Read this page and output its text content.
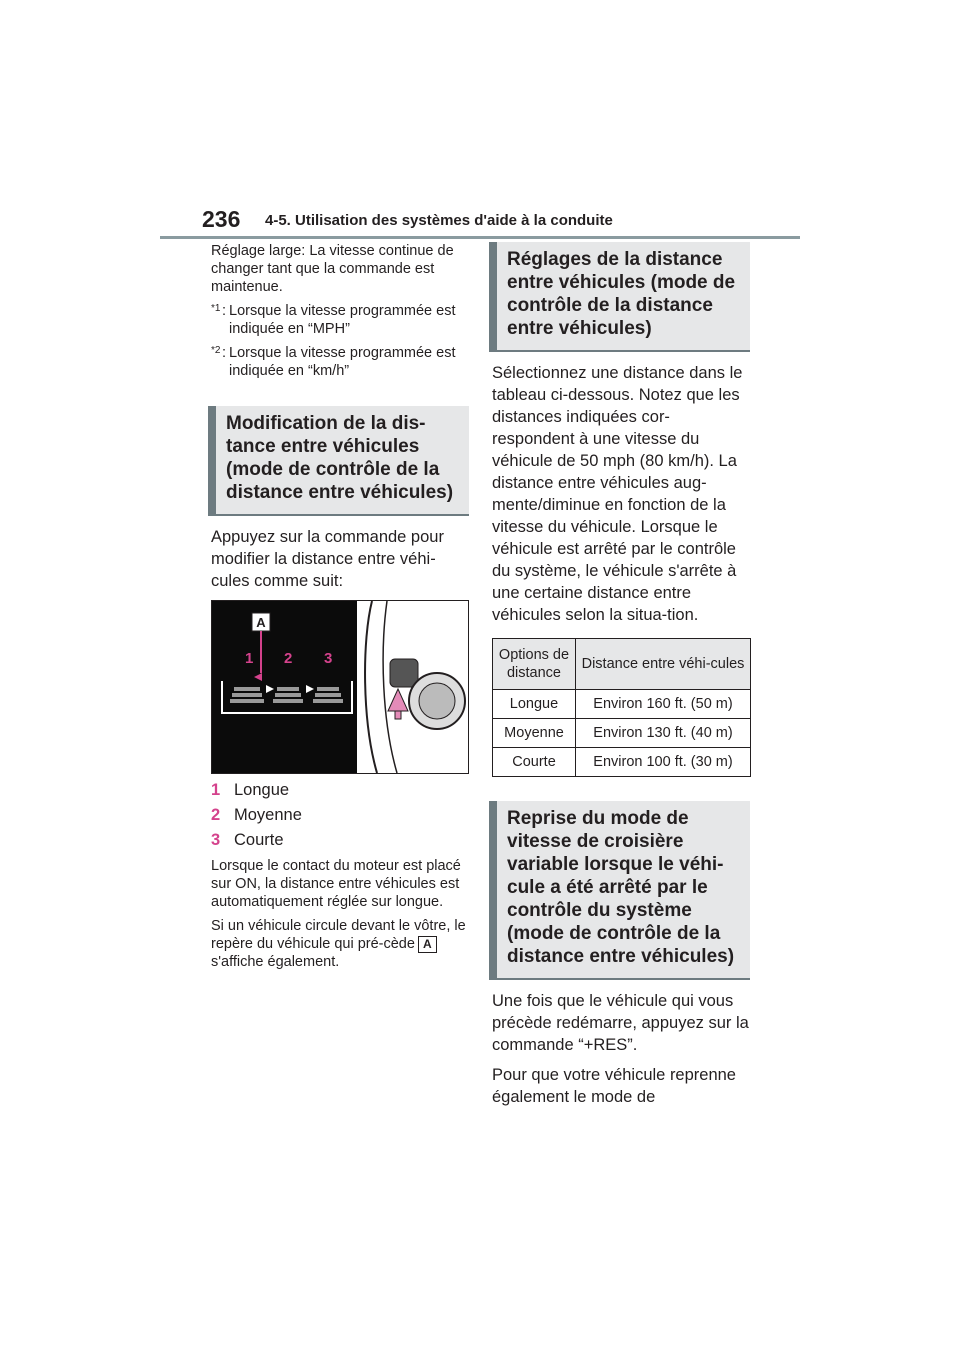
236 4-5. Utilisation des systèmes d'aide à la conduite

Réglage large: La vitesse continue de changer tant que la commande est maintenue.

*1 : Lorsque la vitesse programmée est indiquée en “MPH”

*2 : Lorsque la vitesse programmée est indiquée en “km/h”

Modification de la dis-tance entre véhicules (mode de contrôle de la distance entre véhicules)

Appuyez sur la commande pour modifier la distance entre véhi-cules comme suit:

A
1 2 3
1 Longue
2 Moyenne
3 Courte

Lorsque le contact du moteur est placé sur ON, la distance entre véhicules est automatiquement réglée sur longue.

Si un véhicule circule devant le vôtre, le repère du véhicule qui pré-cède As'affiche également.

Réglages de la distance entre véhicules (mode de contrôle de la distance entre véhicules)

Sélectionnez une distance dans le tableau ci-dessous. Notez que les distances indiquées cor-respondent à une vitesse du véhicule de 50 mph (80 km/h). La distance entre véhicules aug-mente/diminue en fonction de la vitesse du véhicule. Lorsque le véhicule est arrêté par le contrôle du système, le véhicule s'arrête à une certaine distance entre véhicules selon la situa-tion.

Options de distance	Distance entre véhi-cules
Longue	Environ 160 ft. (50 m)
Moyenne	Environ 130 ft. (40 m)
Courte	Environ 100 ft. (30 m)
Reprise du mode de vitesse de croisière variable lorsque le véhi-cule a été arrêté par le contrôle du système (mode de contrôle de la distance entre véhicules)

Une fois que le véhicule qui vous précède redémarre, appuyez sur la commande “+RES”.

Pour que votre véhicule reprenne également le mode de
